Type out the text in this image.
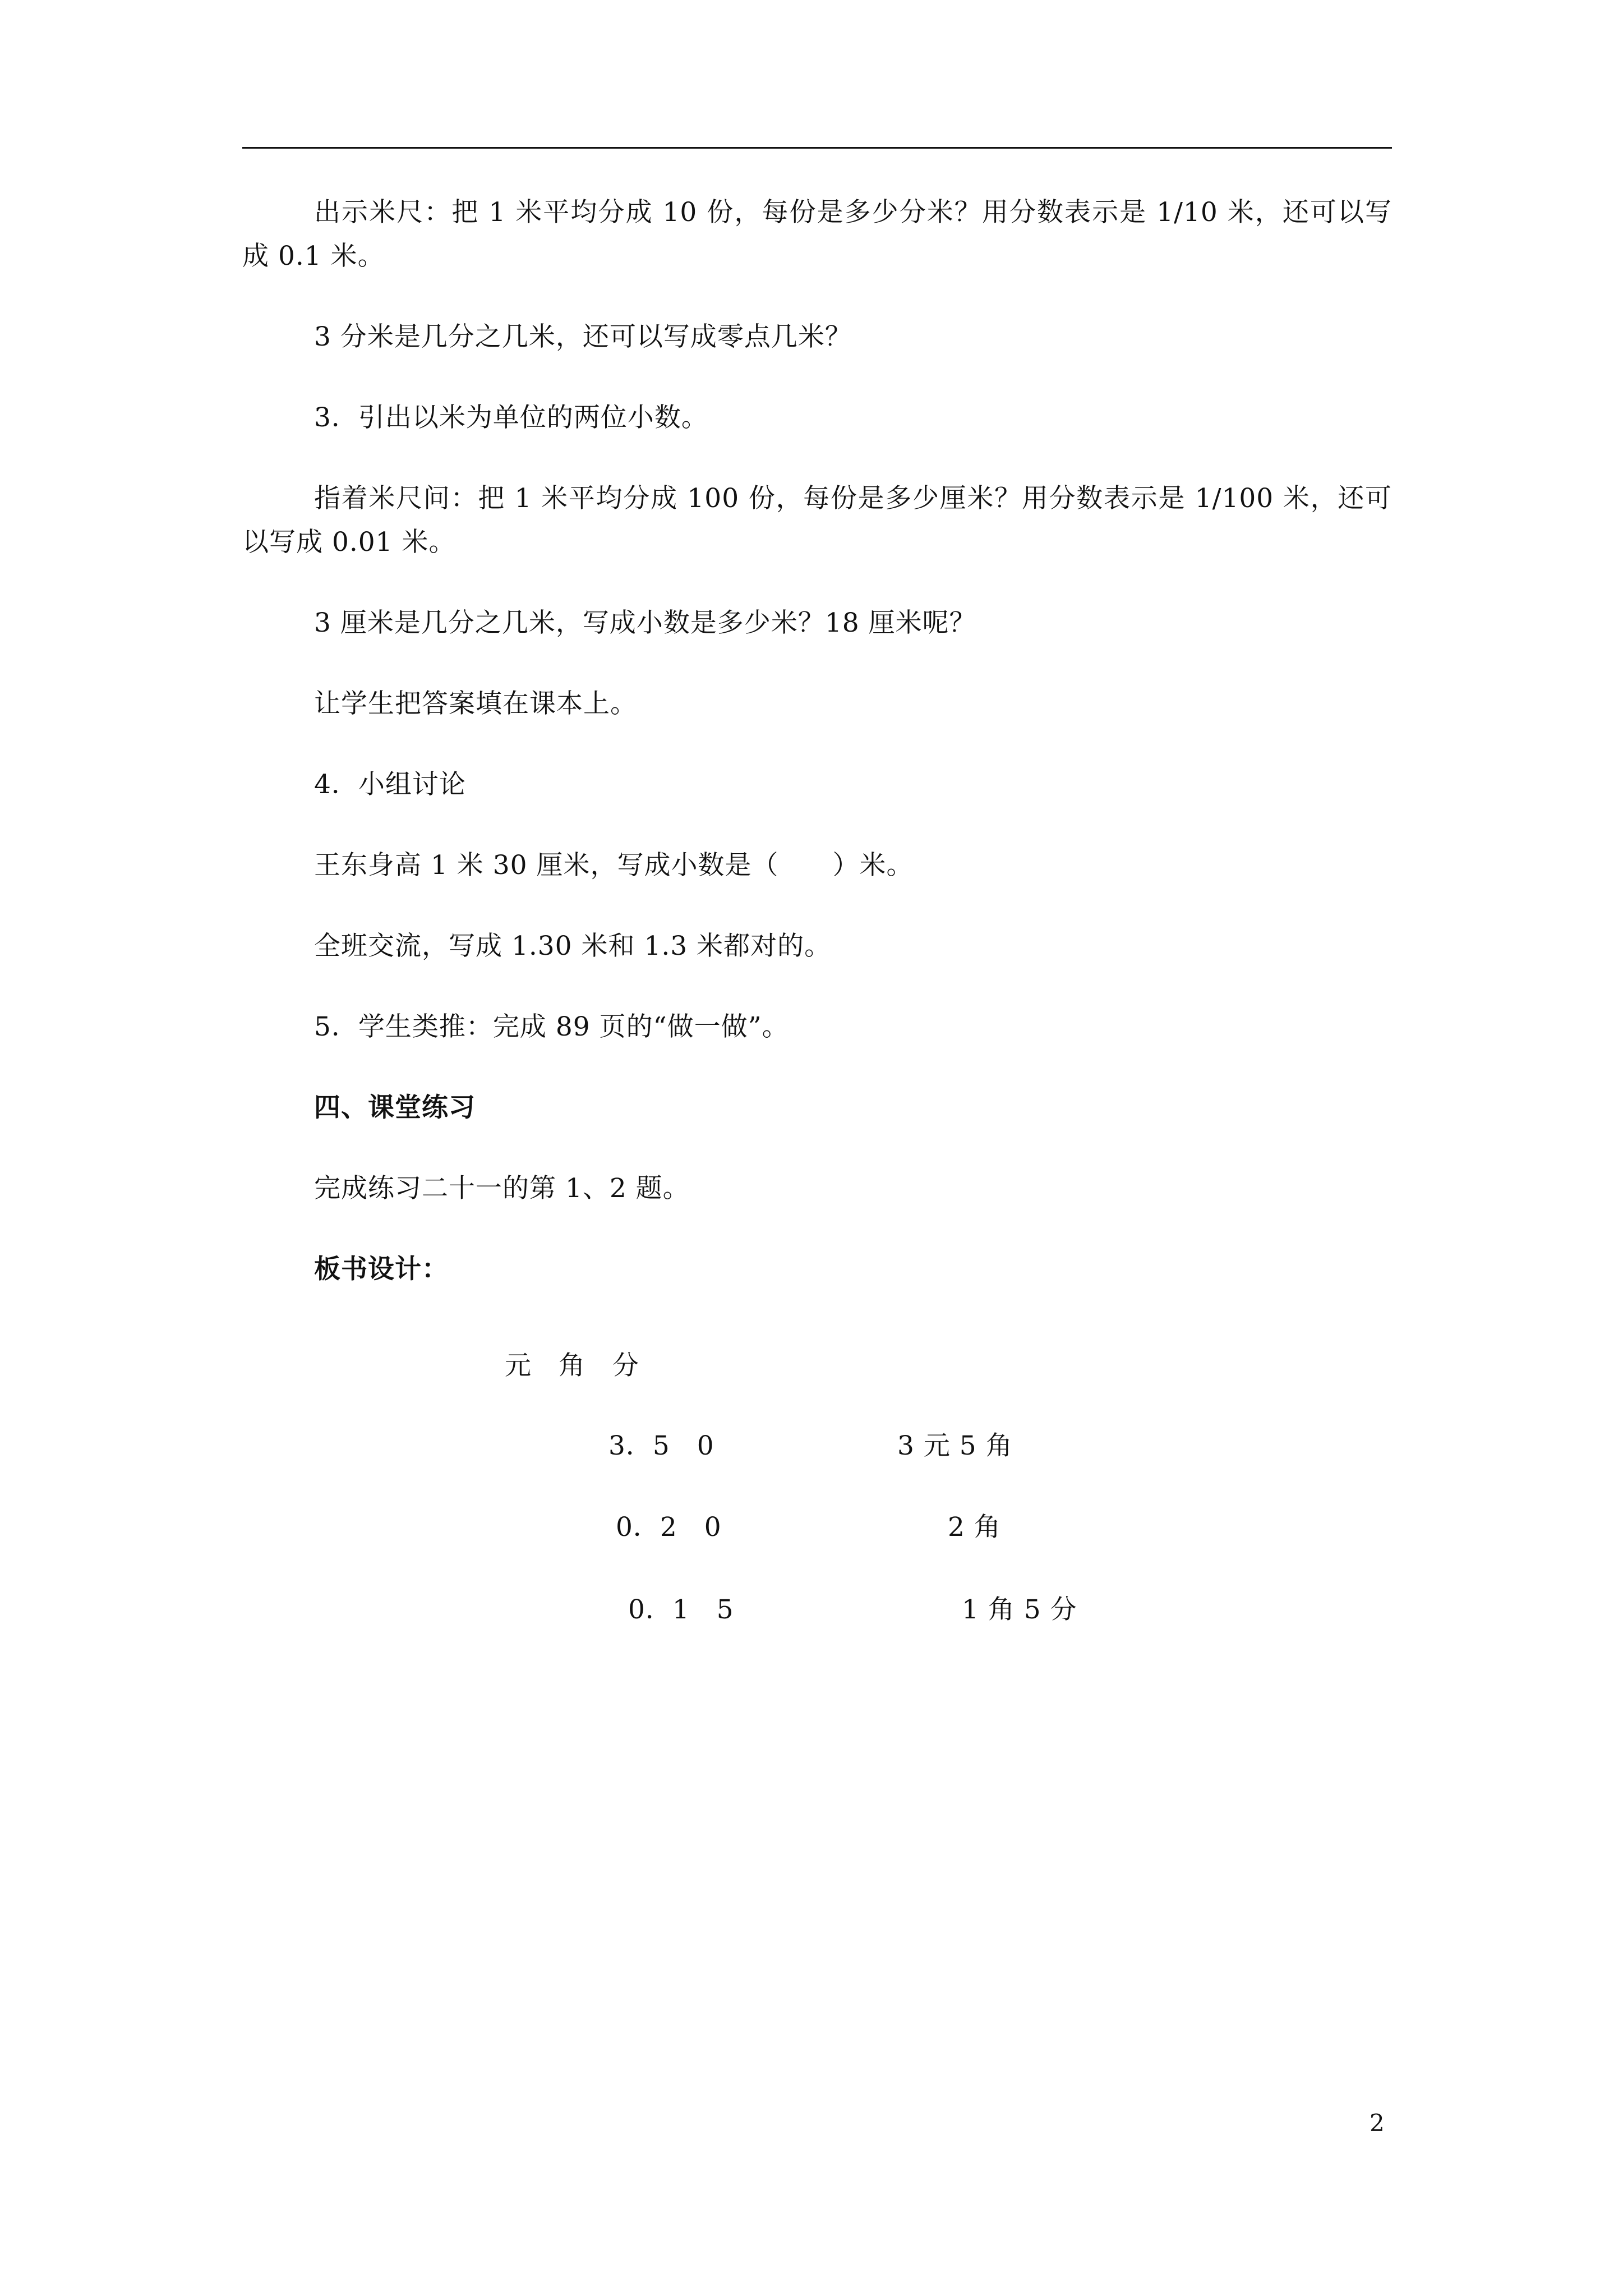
出示米尺：把 1 米平均分成 10 份，每份是多少分米？用分数表示是 1/10 米，还可以写成 0.1 米。

3 分米是几分之几米，还可以写成零点几米？

3．引出以米为单位的两位小数。

指着米尺问：把 1 米平均分成 100 份，每份是多少厘米？用分数表示是 1/100 米，还可以写成 0.01 米。

3 厘米是几分之几米，写成小数是多少米？18 厘米呢？

让学生把答案填在课本上。

4．小组讨论

王东身高 1 米 30 厘米，写成小数是（　　）米。

全班交流，写成 1.30 米和 1.3 米都对的。

5．学生类推：完成 89 页的“做一做”。

四、课堂练习

完成练习二十一的第 1、2 题。

板书设计：

元　角　分
3．5　0	3 元 5 角
0．2　0	2 角
0．1　5	1 角 5 分
2
